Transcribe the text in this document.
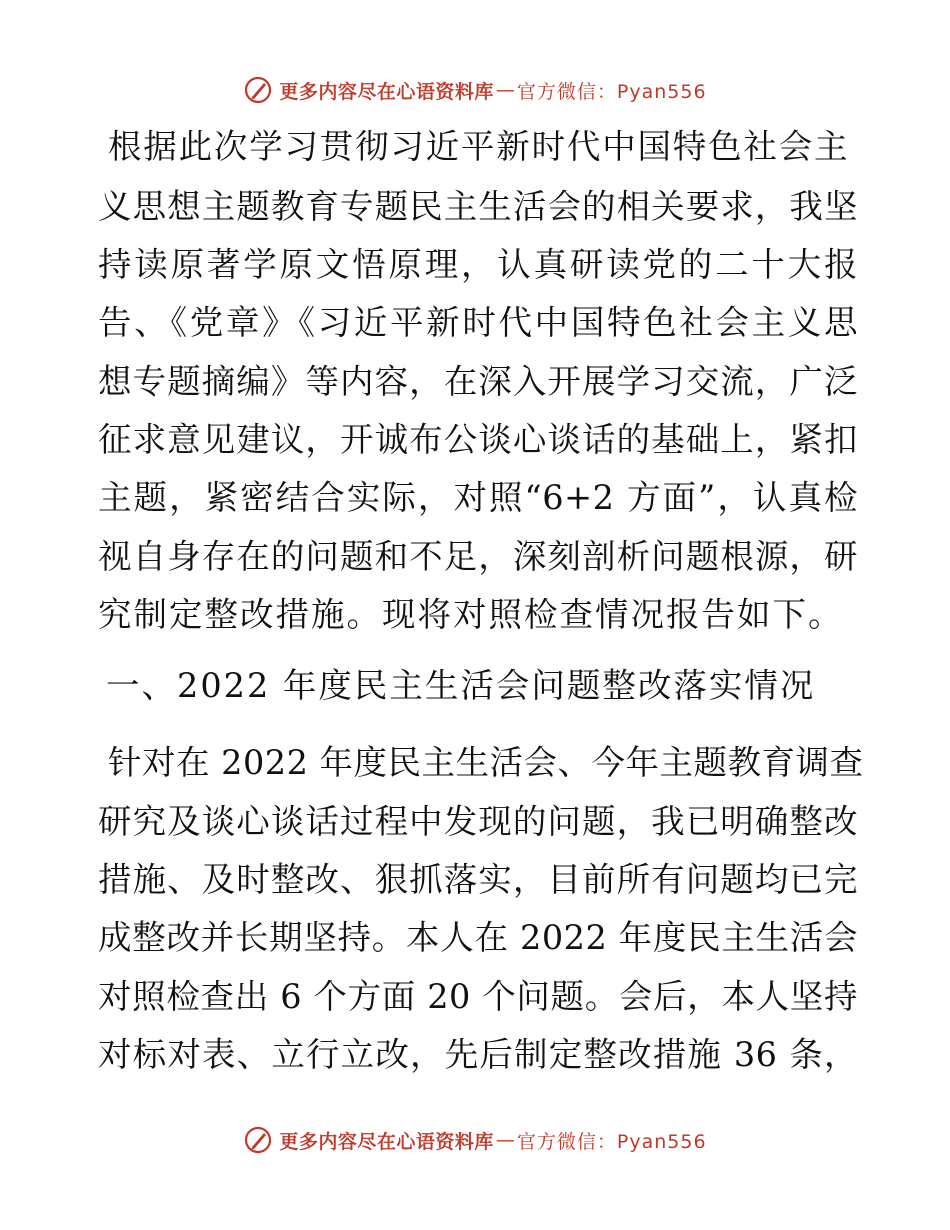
更多内容尽在心语资料库 — 官方微信：Pyan556
根据此次学习贯彻习近平新时代中国特色社会主
义思想主题教育专题民主生活会的相关要求，我坚
持读原著学原文悟原理，认真研读党的二十大报
告、《党章》《习近平新时代中国特色社会主义思
想专题摘编》等内容，在深入开展学习交流，广泛
征求意见建议，开诚布公谈心谈话的基础上，紧扣
主题，紧密结合实际，对照“6+2 方面”，认真检
视自身存在的问题和不足，深刻剖析问题根源，研
究制定整改措施。现将对照检查情况报告如下。
一、2022 年度民主生活会问题整改落实情况
针对在 2022 年度民主生活会、今年主题教育调查
研究及谈心谈话过程中发现的问题，我已明确整改
措施、及时整改、狠抓落实，目前所有问题均已完
成整改并长期坚持。本人在 2022 年度民主生活会
对照检查出 6 个方面 20 个问题。会后，本人坚持
对标对表、立行立改，先后制定整改措施 36 条，
更多内容尽在心语资料库 — 官方微信：Pyan556
